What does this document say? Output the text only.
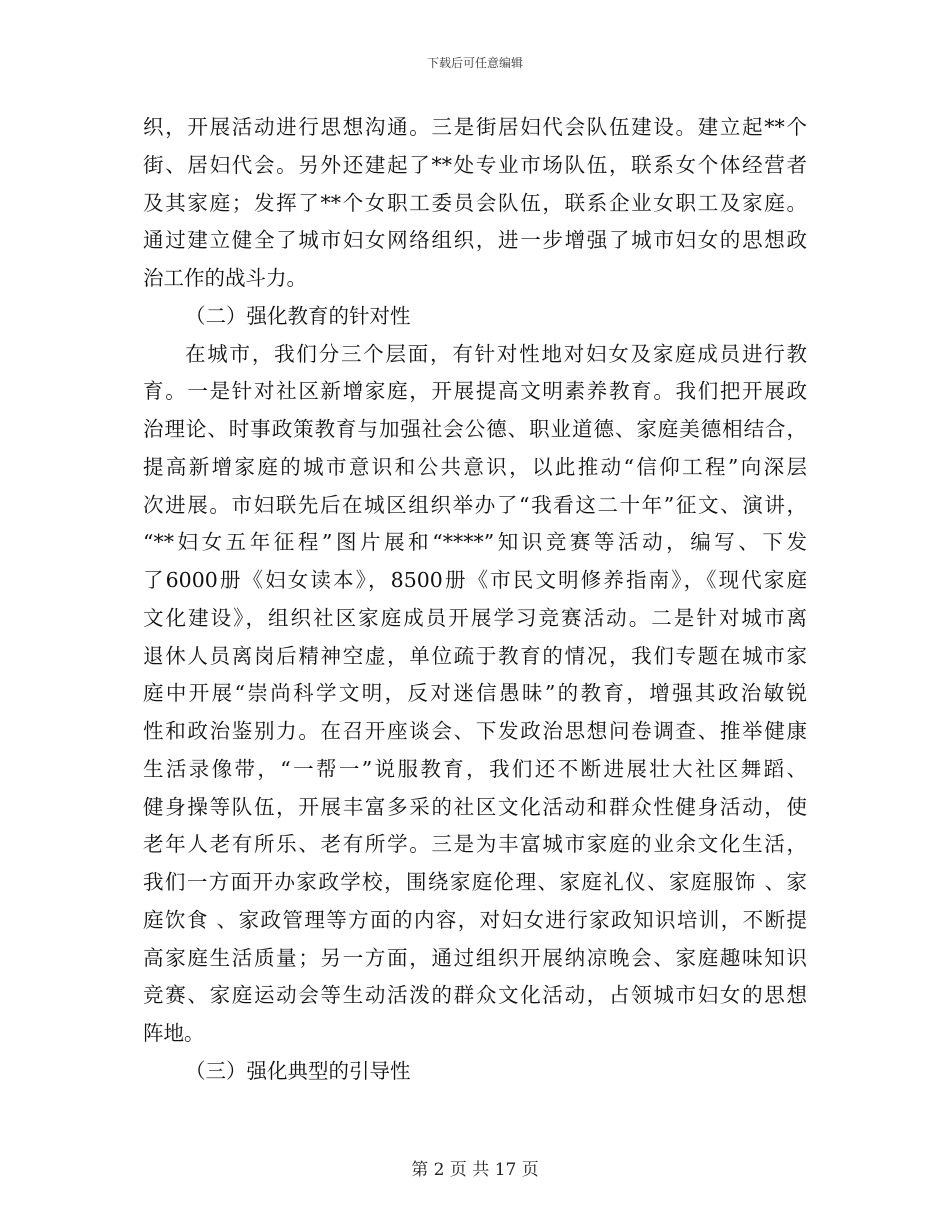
下载后可任意编辑
织，开展活动进行思想沟通。三是街居妇代会队伍建设。建立起**个
街、居妇代会。另外还建起了**处专业市场队伍，联系女个体经营者
及其家庭；发挥了**个女职工委员会队伍，联系企业女职工及家庭。
通过建立健全了城市妇女网络组织，进一步增强了城市妇女的思想政
治工作的战斗力。
（二）强化教育的针对性
在城市，我们分三个层面，有针对性地对妇女及家庭成员进行教
育。一是针对社区新增家庭，开展提高文明素养教育。我们把开展政
治理论、时事政策教育与加强社会公德、职业道德、家庭美德相结合，
提高新增家庭的城市意识和公共意识，以此推动“信仰工程”向深层
次进展。市妇联先后在城区组织举办了“我看这二十年”征文、演讲，
“**妇女五年征程”图片展和“****”知识竞赛等活动，编写、下发
了6000册《妇女读本》，8500册《市民文明修养指南》，《现代家庭
文化建设》，组织社区家庭成员开展学习竞赛活动。二是针对城市离
退休人员离岗后精神空虚，单位疏于教育的情况，我们专题在城市家
庭中开展“崇尚科学文明，反对迷信愚昧”的教育，增强其政治敏锐
性和政治鉴别力。在召开座谈会、下发政治思想问卷调查、推举健康
生活录像带，“一帮一”说服教育，我们还不断进展壮大社区舞蹈、
健身操等队伍，开展丰富多采的社区文化活动和群众性健身活动，使
老年人老有所乐、老有所学。三是为丰富城市家庭的业余文化生活，
我们一方面开办家政学校，围绕家庭伦理、家庭礼仪、家庭服饰 、家
庭饮食 、家政管理等方面的内容，对妇女进行家政知识培训，不断提
高家庭生活质量；另一方面，通过组织开展纳凉晚会、家庭趣味知识
竞赛、家庭运动会等生动活泼的群众文化活动，占领城市妇女的思想
阵地。
（三）强化典型的引导性
第 2 页 共 17 页
